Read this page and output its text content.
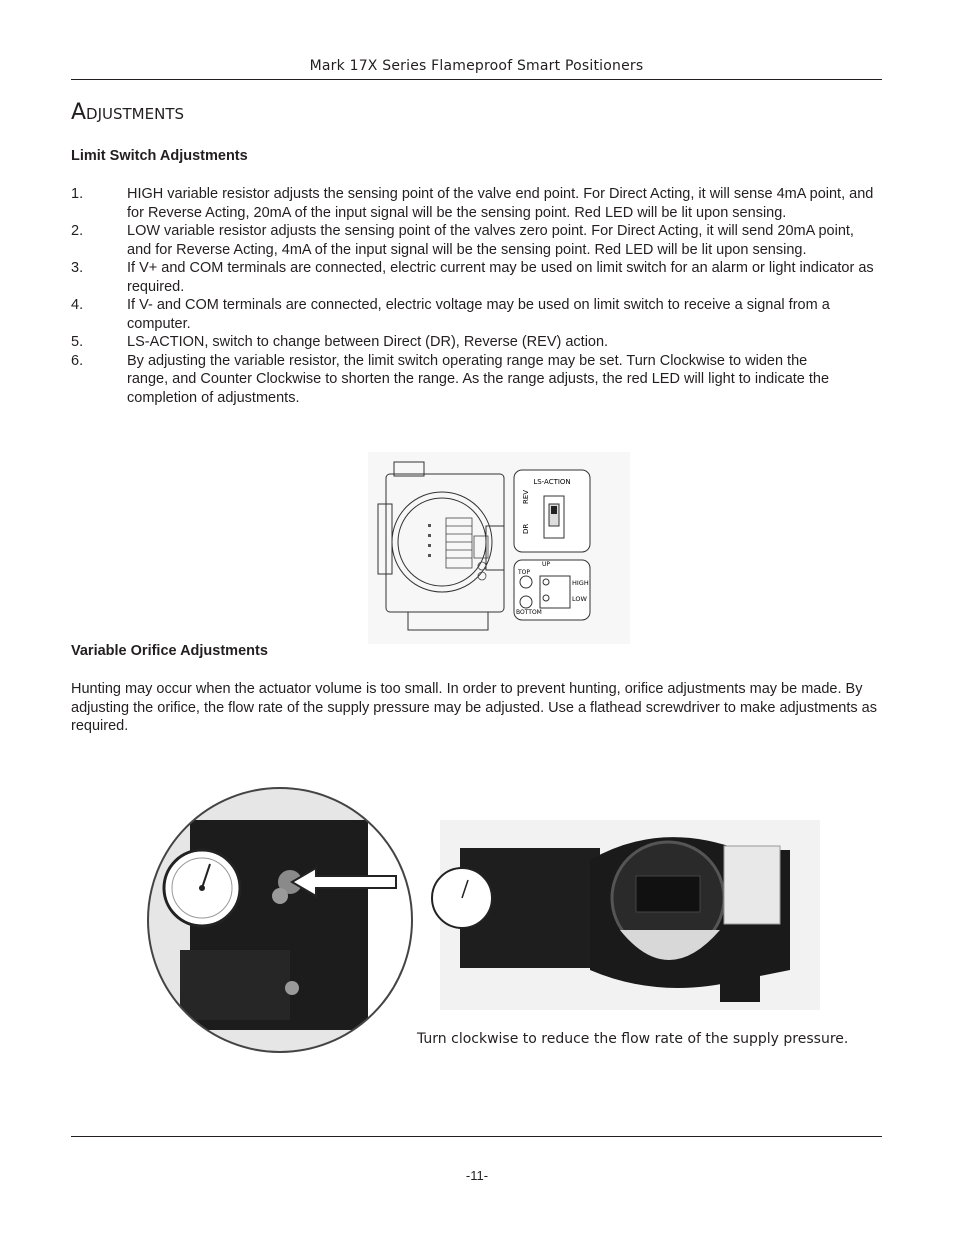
Mark 17X Series Flameproof Smart Positioners
Adjustments
Limit Switch Adjustments
1.	HIGH variable resistor adjusts the sensing point of the valve end point. For Direct Acting, it will sense 4mA point, and for Reverse Acting, 20mA of the input signal will be the sensing point. Red LED will be lit upon sensing.
2.	LOW variable resistor adjusts the sensing point of the valves zero point. For Direct Acting, it will send 20mA point, and for Reverse Acting, 4mA of the input signal will be the sensing point. Red LED will be lit upon sensing.
3.	If V+ and COM terminals are connected, electric current may be used on limit switch for an alarm or light indicator as required.
4.	If V- and COM terminals are connected, electric voltage may be used on limit switch to receive a signal from a computer.
5.	LS-ACTION, switch to change between Direct (DR), Reverse (REV) action.
6.	By adjusting the variable resistor, the limit switch operating range may be set. Turn Clockwise to widen the range, and Counter Clockwise to shorten the range. As the range adjusts, the red LED will light to indicate the completion of adjustments.
LS-ACTION
REV
DR
TOP
UP
HIGH
LOW
BOTTOM
Variable Orifice Adjustments

Hunting may occur when the actuator volume is too small. In order to prevent hunting, orifice adjustments may be made. By adjusting the orifice, the flow rate of the supply pressure may be adjusted. Use a flathead screwdriver to make adjustments as required.

Turn clockwise to reduce the flow rate of the supply pressure.
-11-
